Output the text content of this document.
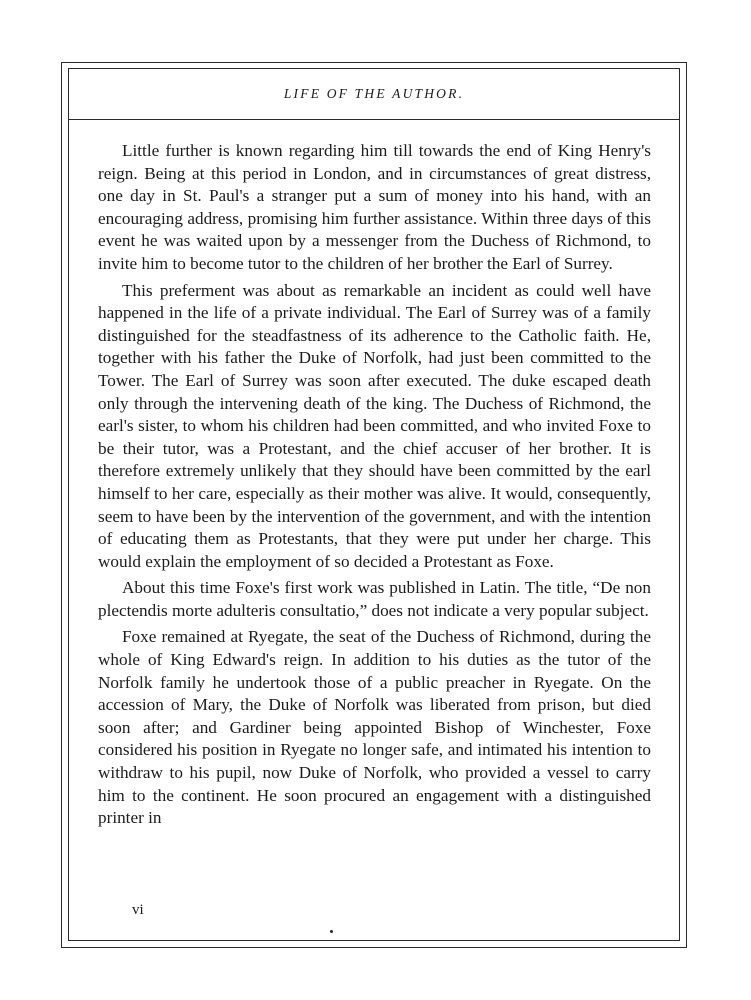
LIFE OF THE AUTHOR.

Little further is known regarding him till towards the end of King Henry's reign. Being at this period in London, and in circumstances of great distress, one day in St. Paul's a stranger put a sum of money into his hand, with an encouraging address, promising him further assistance. Within three days of this event he was waited upon by a messenger from the Duchess of Richmond, to invite him to become tutor to the children of her brother the Earl of Surrey.

This preferment was about as remarkable an incident as could well have happened in the life of a private individual. The Earl of Surrey was of a family distinguished for the steadfastness of its adherence to the Catholic faith. He, together with his father the Duke of Norfolk, had just been committed to the Tower. The Earl of Surrey was soon after executed. The duke escaped death only through the intervening death of the king. The Duchess of Richmond, the earl's sister, to whom his children had been committed, and who invited Foxe to be their tutor, was a Protestant, and the chief accuser of her brother. It is therefore extremely unlikely that they should have been committed by the earl himself to her care, especially as their mother was alive. It would, consequently, seem to have been by the intervention of the government, and with the intention of educating them as Protestants, that they were put under her charge. This would explain the employment of so decided a Protestant as Foxe.

About this time Foxe's first work was published in Latin. The title, “De non plectendis morte adulteris consultatio,” does not indicate a very popular subject.

Foxe remained at Ryegate, the seat of the Duchess of Richmond, during the whole of King Edward's reign. In addition to his duties as the tutor of the Norfolk family he undertook those of a public preacher in Ryegate. On the accession of Mary, the Duke of Norfolk was liberated from prison, but died soon after; and Gardiner being appointed Bishop of Winchester, Foxe considered his position in Ryegate no longer safe, and intimated his intention to withdraw to his pupil, now Duke of Norfolk, who provided a vessel to carry him to the continent. He soon procured an engagement with a distinguished printer in

vi
